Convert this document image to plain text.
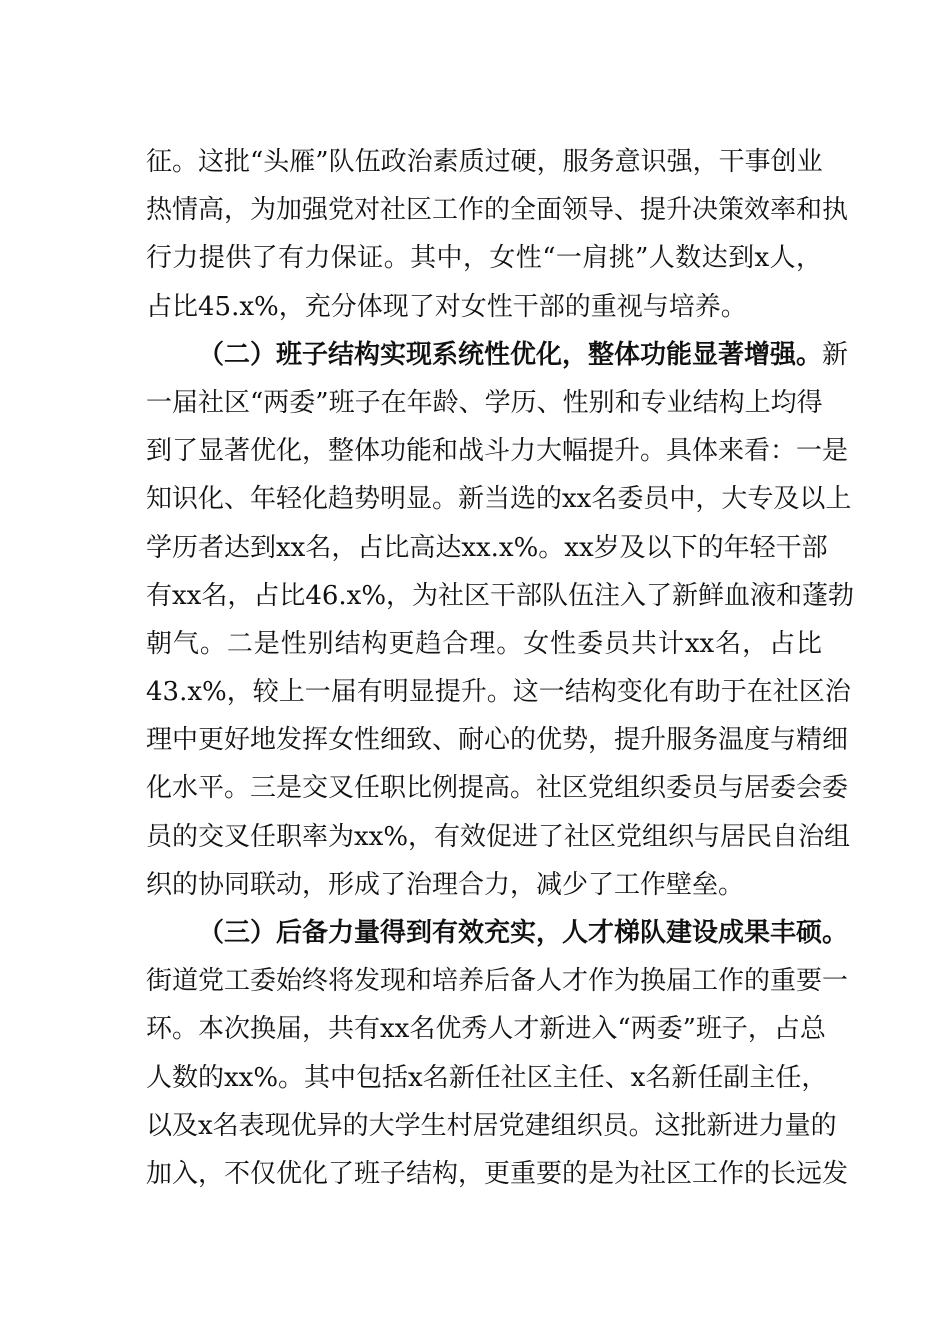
征。这批“头雁”队伍政治素质过硬，服务意识强，干事创业
热情高，为加强党对社区工作的全面领导、提升决策效率和执
行力提供了有力保证。其中，女性“一肩挑”人数达到x人，
占比45.x%，充分体现了对女性干部的重视与培养。
（二）班子结构实现系统性优化，整体功能显著增强。新
一届社区“两委”班子在年龄、学历、性别和专业结构上均得
到了显著优化，整体功能和战斗力大幅提升。具体来看：一是
知识化、年轻化趋势明显。新当选的xx名委员中，大专及以上
学历者达到xx名，占比高达xx.x%。xx岁及以下的年轻干部
有xx名，占比46.x%，为社区干部队伍注入了新鲜血液和蓬勃
朝气。二是性别结构更趋合理。女性委员共计xx名，占比
43.x%，较上一届有明显提升。这一结构变化有助于在社区治
理中更好地发挥女性细致、耐心的优势，提升服务温度与精细
化水平。三是交叉任职比例提高。社区党组织委员与居委会委
员的交叉任职率为xx%，有效促进了社区党组织与居民自治组
织的协同联动，形成了治理合力，减少了工作壁垒。
（三）后备力量得到有效充实，人才梯队建设成果丰硕。
街道党工委始终将发现和培养后备人才作为换届工作的重要一
环。本次换届，共有xx名优秀人才新进入“两委”班子，占总
人数的xx%。其中包括x名新任社区主任、x名新任副主任，
以及x名表现优异的大学生村居党建组织员。这批新进力量的
加入，不仅优化了班子结构，更重要的是为社区工作的长远发
